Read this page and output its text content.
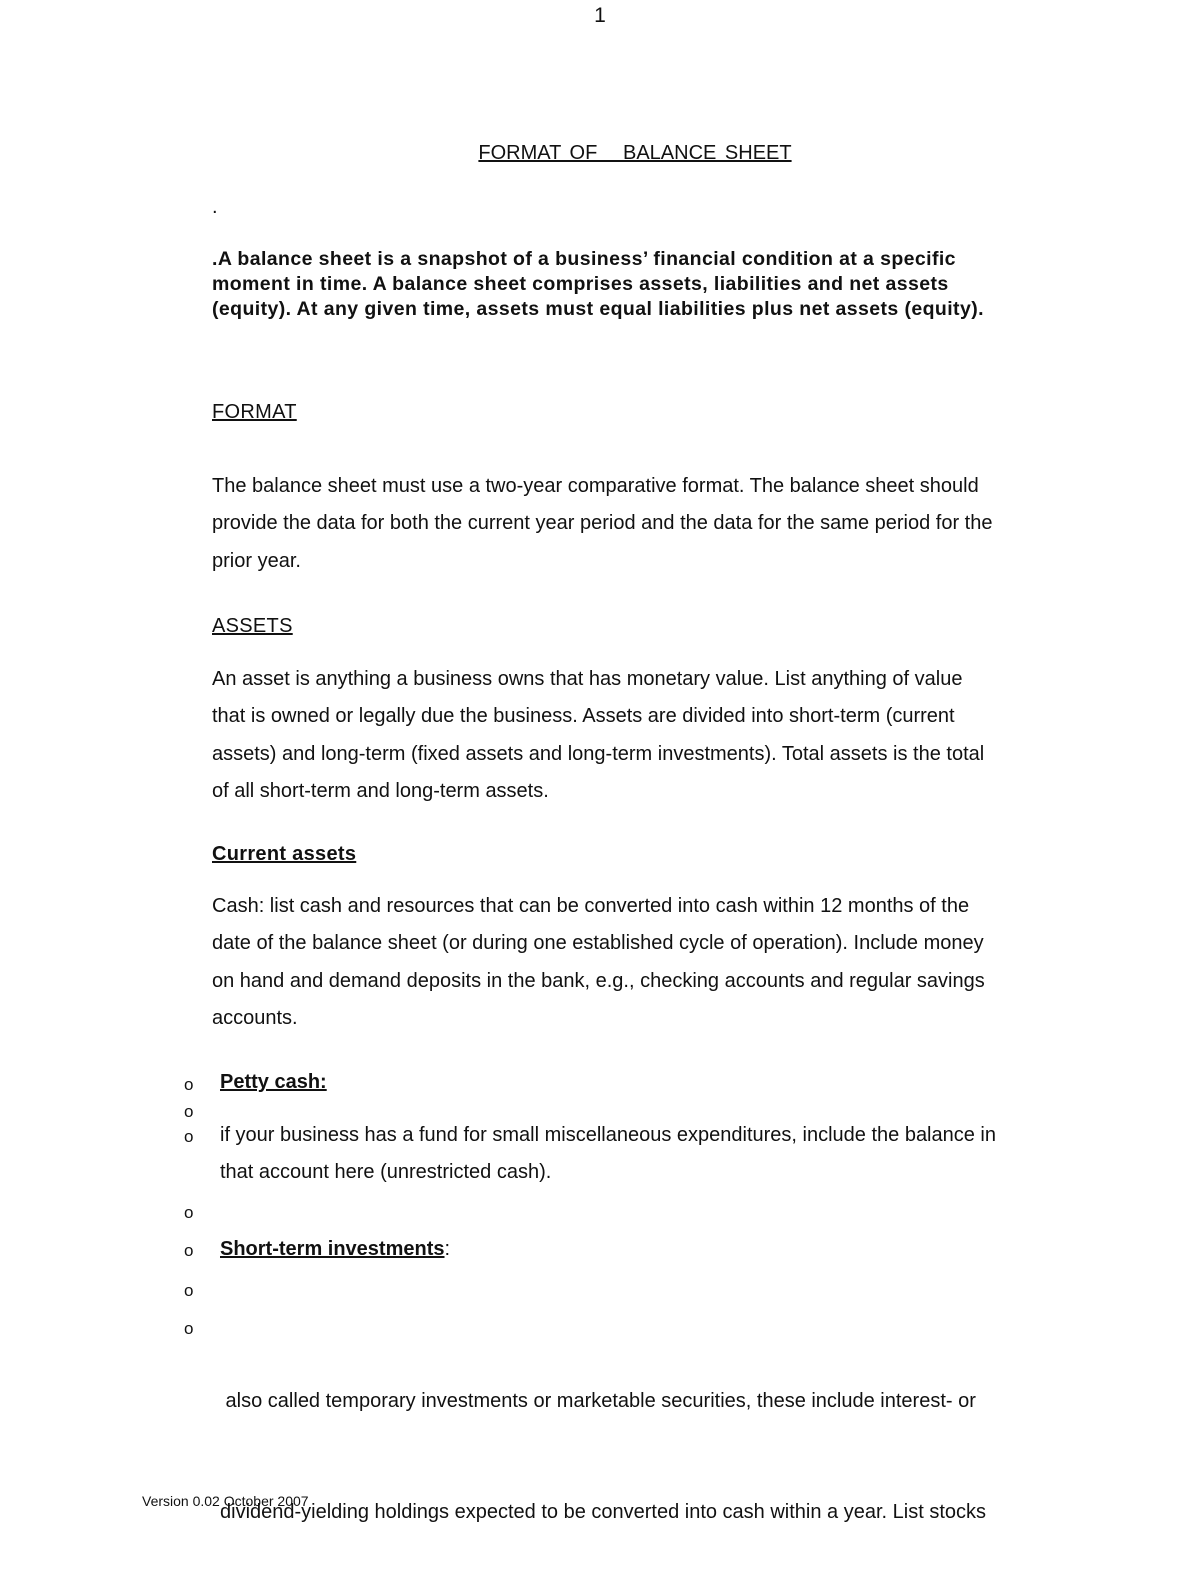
1
FORMAT OF   BALANCE SHEET
.

.A balance sheet is a snapshot of a business’ financial condition at a specific
moment in time. A balance sheet comprises assets, liabilities and net assets
(equity). At any given time, assets must equal liabilities plus net assets (equity).

FORMAT

The balance sheet must use a two-year comparative format. The balance sheet should
provide the data for both the current year period and the data for the same period for the
prior year.

ASSETS

An asset is anything a business owns that has monetary value. List anything of value
that is owned or legally due the business. Assets are divided into short-term (current
assets) and long-term (fixed assets and long-term investments). Total assets is the total
of all short-term and long-term assets.

Current assets

Cash: list cash and resources that can be converted into cash within 12 months of the
date of the balance sheet (or during one established cycle of operation). Include money
on hand and demand deposits in the bank, e.g., checking accounts and regular savings
accounts.

o Petty cash:
o
o if your business has a fund for small miscellaneous expenditures, include the balance in
that account here (unrestricted cash).
o
o Short-term investments:
o
o

also called temporary investments or marketable securities, these include interest- or

dividend-yielding holdings expected to be converted into cash within a year. List stocks

Version 0.02 October 2007
